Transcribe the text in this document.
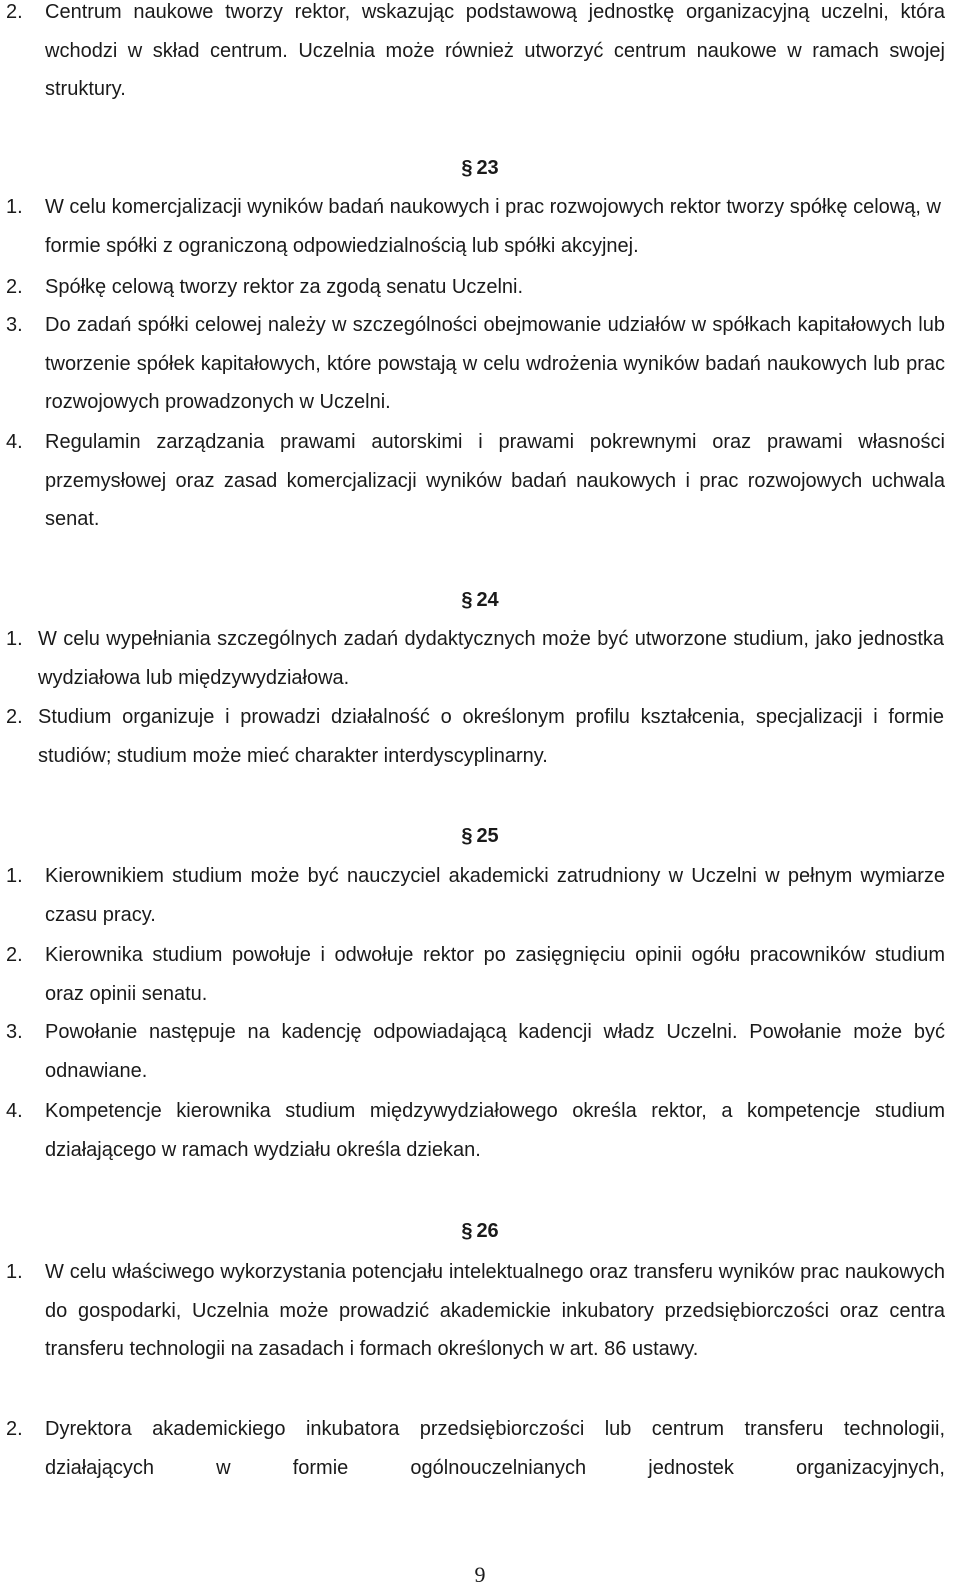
2. Centrum naukowe tworzy rektor, wskazując podstawową jednostkę organizacyjną uczelni, która wchodzi w skład centrum. Uczelnia może również utworzyć centrum naukowe w ramach swojej struktury.
§ 23
1. W celu komercjalizacji wyników badań naukowych i prac rozwojowych rektor tworzy spółkę celową, w formie spółki z ograniczoną odpowiedzialnością lub spółki akcyjnej.
2. Spółkę celową tworzy rektor za zgodą senatu Uczelni.
3. Do zadań spółki celowej należy w szczególności obejmowanie udziałów w spółkach kapitałowych lub tworzenie spółek kapitałowych, które powstają w celu wdrożenia wyników badań naukowych lub prac rozwojowych prowadzonych w Uczelni.
4. Regulamin zarządzania prawami autorskimi i prawami pokrewnymi oraz prawami własności przemysłowej oraz zasad komercjalizacji wyników badań naukowych i prac rozwojowych uchwala senat.
§ 24
1. W celu wypełniania szczególnych zadań dydaktycznych może być utworzone studium, jako jednostka wydziałowa lub międzywydziałowa.
2. Studium organizuje i prowadzi działalność o określonym profilu kształcenia, specjalizacji i formie studiów; studium może mieć charakter interdyscyplinarny.
§ 25
1. Kierownikiem studium może być nauczyciel akademicki zatrudniony w Uczelni w pełnym wymiarze czasu pracy.
2. Kierownika studium powołuje i odwołuje rektor po zasięgnięciu opinii ogółu pracowników studium oraz opinii senatu.
3. Powołanie następuje na kadencję odpowiadającą kadencji władz Uczelni. Powołanie może być odnawiane.
4. Kompetencje kierownika studium międzywydziałowego określa rektor, a kompetencje studium działającego w ramach wydziału określa dziekan.
§ 26
1. W celu właściwego wykorzystania potencjału intelektualnego oraz transferu wyników prac naukowych do gospodarki, Uczelnia może prowadzić akademickie inkubatory przedsiębiorczości oraz centra transferu technologii na zasadach i formach określonych w art. 86 ustawy.
2. Dyrektora akademickiego inkubatora przedsiębiorczości lub centrum transferu technologii, działających w formie ogólnouczelnianych jednostek organizacyjnych,
9
